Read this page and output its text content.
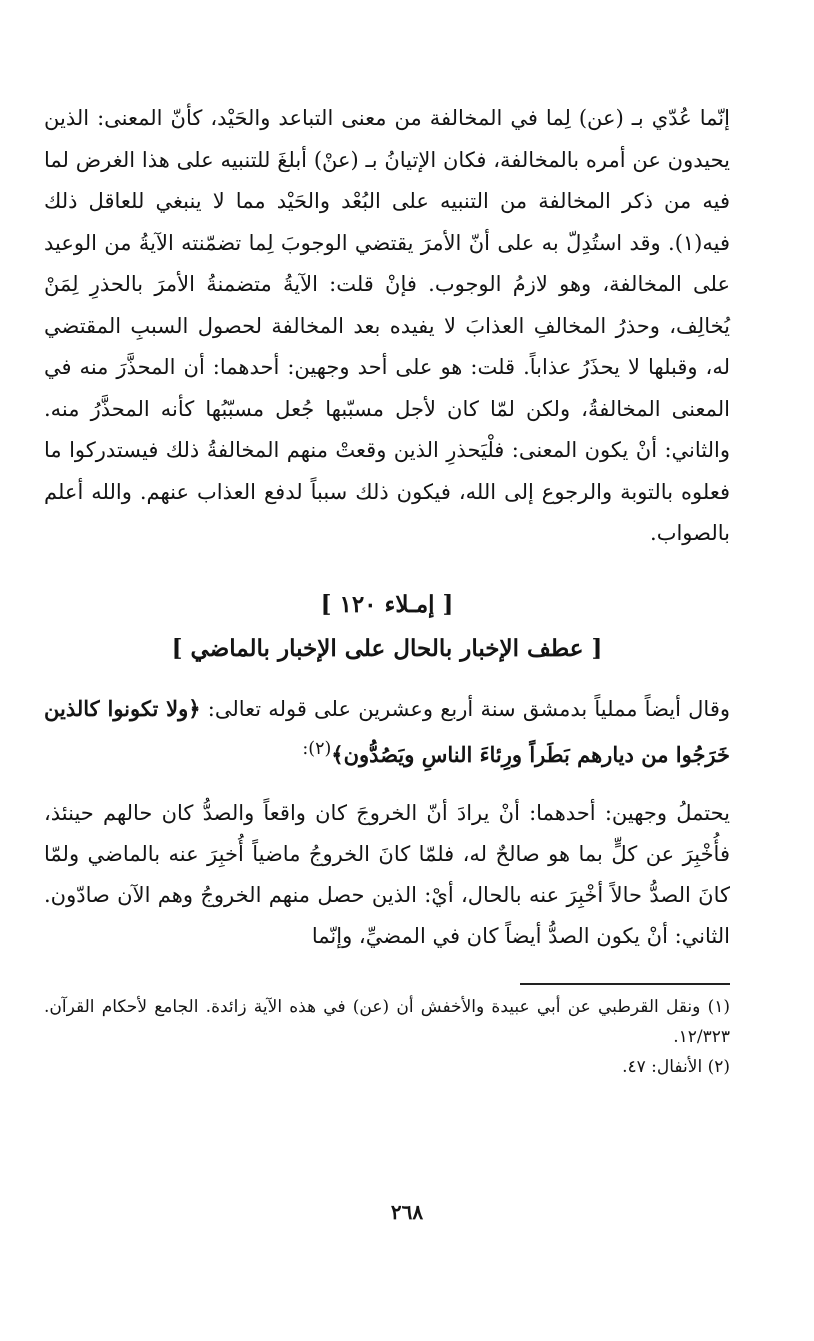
إنّما عُدّي بـ (عن) لِما في المخالفة من معنى التباعد والحَيْد، كأنّ المعنى: الذين يحيدون عن أمره بالمخالفة، فكان الإتيانُ بـ (عنْ) أبلغَ للتنبيه على هذا الغرض لما فيه من ذكر المخالفة من التنبيه على البُعْد والحَيْد مما لا ينبغي للعاقل ذلك فيه(١). وقد استُدِلّ به على أنّ الأمرَ يقتضي الوجوبَ لِما تضمّنته الآيةُ من الوعيد على المخالفة، وهو لازمُ الوجوب. فإنْ قلت: الآيةُ متضمنةُ الأمرَ بالحذرِ لِمَنْ يُخالِف، وحذرُ المخالفِ العذابَ لا يفيده بعد المخالفة لحصول السببِ المقتضي له، وقبلها لا يحذَرُ عذاباً. قلت: هو على أحد وجهين: أحدهما: أن المحذَّرَ منه في المعنى المخالفةُ، ولكن لمّا كان لأجل مسبّبها جُعل مسبّبُها كأنه المحذَّرُ منه. والثاني: أنْ يكون المعنى: فلْيَحذرِ الذين وقعتْ منهم المخالفةُ ذلك فيستدركوا ما فعلوه بالتوبة والرجوع إلى الله، فيكون ذلك سبباً لدفع العذاب عنهم. والله أعلم بالصواب.

[ إمـلاء ١٢٠ ]
[ عطف الإخبار بالحال على الإخبار بالماضي ]
وقال أيضاً مملياً بدمشق سنة أربع وعشرين على قوله تعالى: ﴿ولا تكونوا كالذين خَرَجُوا من ديارهم بَطَراً ورِئاءَ الناسِ ويَصُدُّون﴾$^{(٢):}$
يحتملُ وجهين: أحدهما: أنْ يرادَ أنّ الخروجَ كان واقعاً والصدُّ كان حالهم حينئذ، فأُخْبِرَ عن كلٍّ بما هو صالحٌ له، فلمّا كانَ الخروجُ ماضياً أُخبِرَ عنه بالماضي ولمّا كانَ الصدُّ حالاً أخْبِرَ عنه بالحال، أيْ: الذين حصل منهم الخروجُ وهم الآن صادّون. الثاني: أنْ يكون الصدُّ أيضاً كان في المضيِّ، وإنّما

(١) ونقل القرطبي عن أبي عبيدة والأخفش أن (عن) في هذه الآية زائدة. الجامع لأحكام القرآن. ١٢/٣٢٣.

(٢) الأنفال: ٤٧.

٢٦٨
